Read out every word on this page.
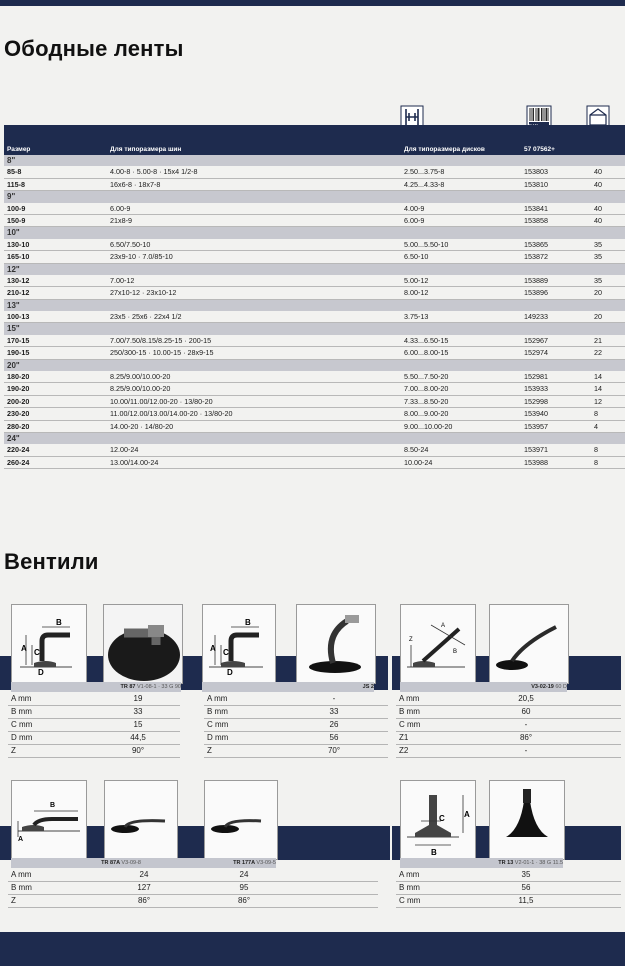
Ободные ленты
Размер	Для типоразмера шин	Для типоразмера дисков	57 07562+
8"
85-8	4.00-8 · 5.00-8 · 15x4 1/2-8	2.50...3.75-8	153803	40
115-8	16x6-8 · 18x7-8	4.25...4.33-8	153810	40
9"
100-9	6.00-9	4.00-9	153841	40
150-9	21x8-9	6.00-9	153858	40
10"
130-10	6.50/7.50-10	5.00...5.50-10	153865	35
165-10	23x9-10 · 7.0/85-10	6.50-10	153872	35
12"
130-12	7.00-12	5.00-12	153889	35
210-12	27x10-12 · 23x10-12	8.00-12	153896	20
13"
100-13	23x5 · 25x6 · 22x4 1/2	3.75-13	149233	20
15"
170-15	7.00/7.50/8.15/8.25-15 · 200-15	4.33...6.50-15	152967	21
190-15	250/300-15 · 10.00-15 · 28x9-15	6.00...8.00-15	152974	22
20"
180-20	8.25/9.00/10.00-20	5.50...7.50-20	152981	14
190-20	8.25/9.00/10.00-20	7.00...8.00-20	153933	14
200-20	10.00/11.00/12.00-20 · 13/80-20	7.33...8.50-20	152998	12
230-20	11.00/12.00/13.00/14.00-20 · 13/80-20	8.00...9.00-20	153940	8
280-20	14.00-20 · 14/80-20	9.00...10.00-20	153957	4
24"
220-24	12.00-24	8.50-24	153971	8
260-24	13.00/14.00-24	10.00-24	153988	8
Вентили
A C
B
D
TR 87 V1-08-1 · 33 G 90
A mm	19
B mm	33
C mm	15
D mm	44,5
Z	90°
A C
B
D
JS 2
A mm	-
B mm	33
C mm	26
D mm	56
Z	70°
A
B
Z
V3-02-19 60 D
A mm	20,5
B mm	60
C mm	-
Z1	86°
Z2	-
B
A
TR 87A V3-09-8	TR 177A V3-09-5
A mm	24	24
B mm	127	95
Z	86°	86°
A
B
C
TR 13 V2-01-1 · 38 G 11.5
A mm	35
B mm	56
C mm	11,5
